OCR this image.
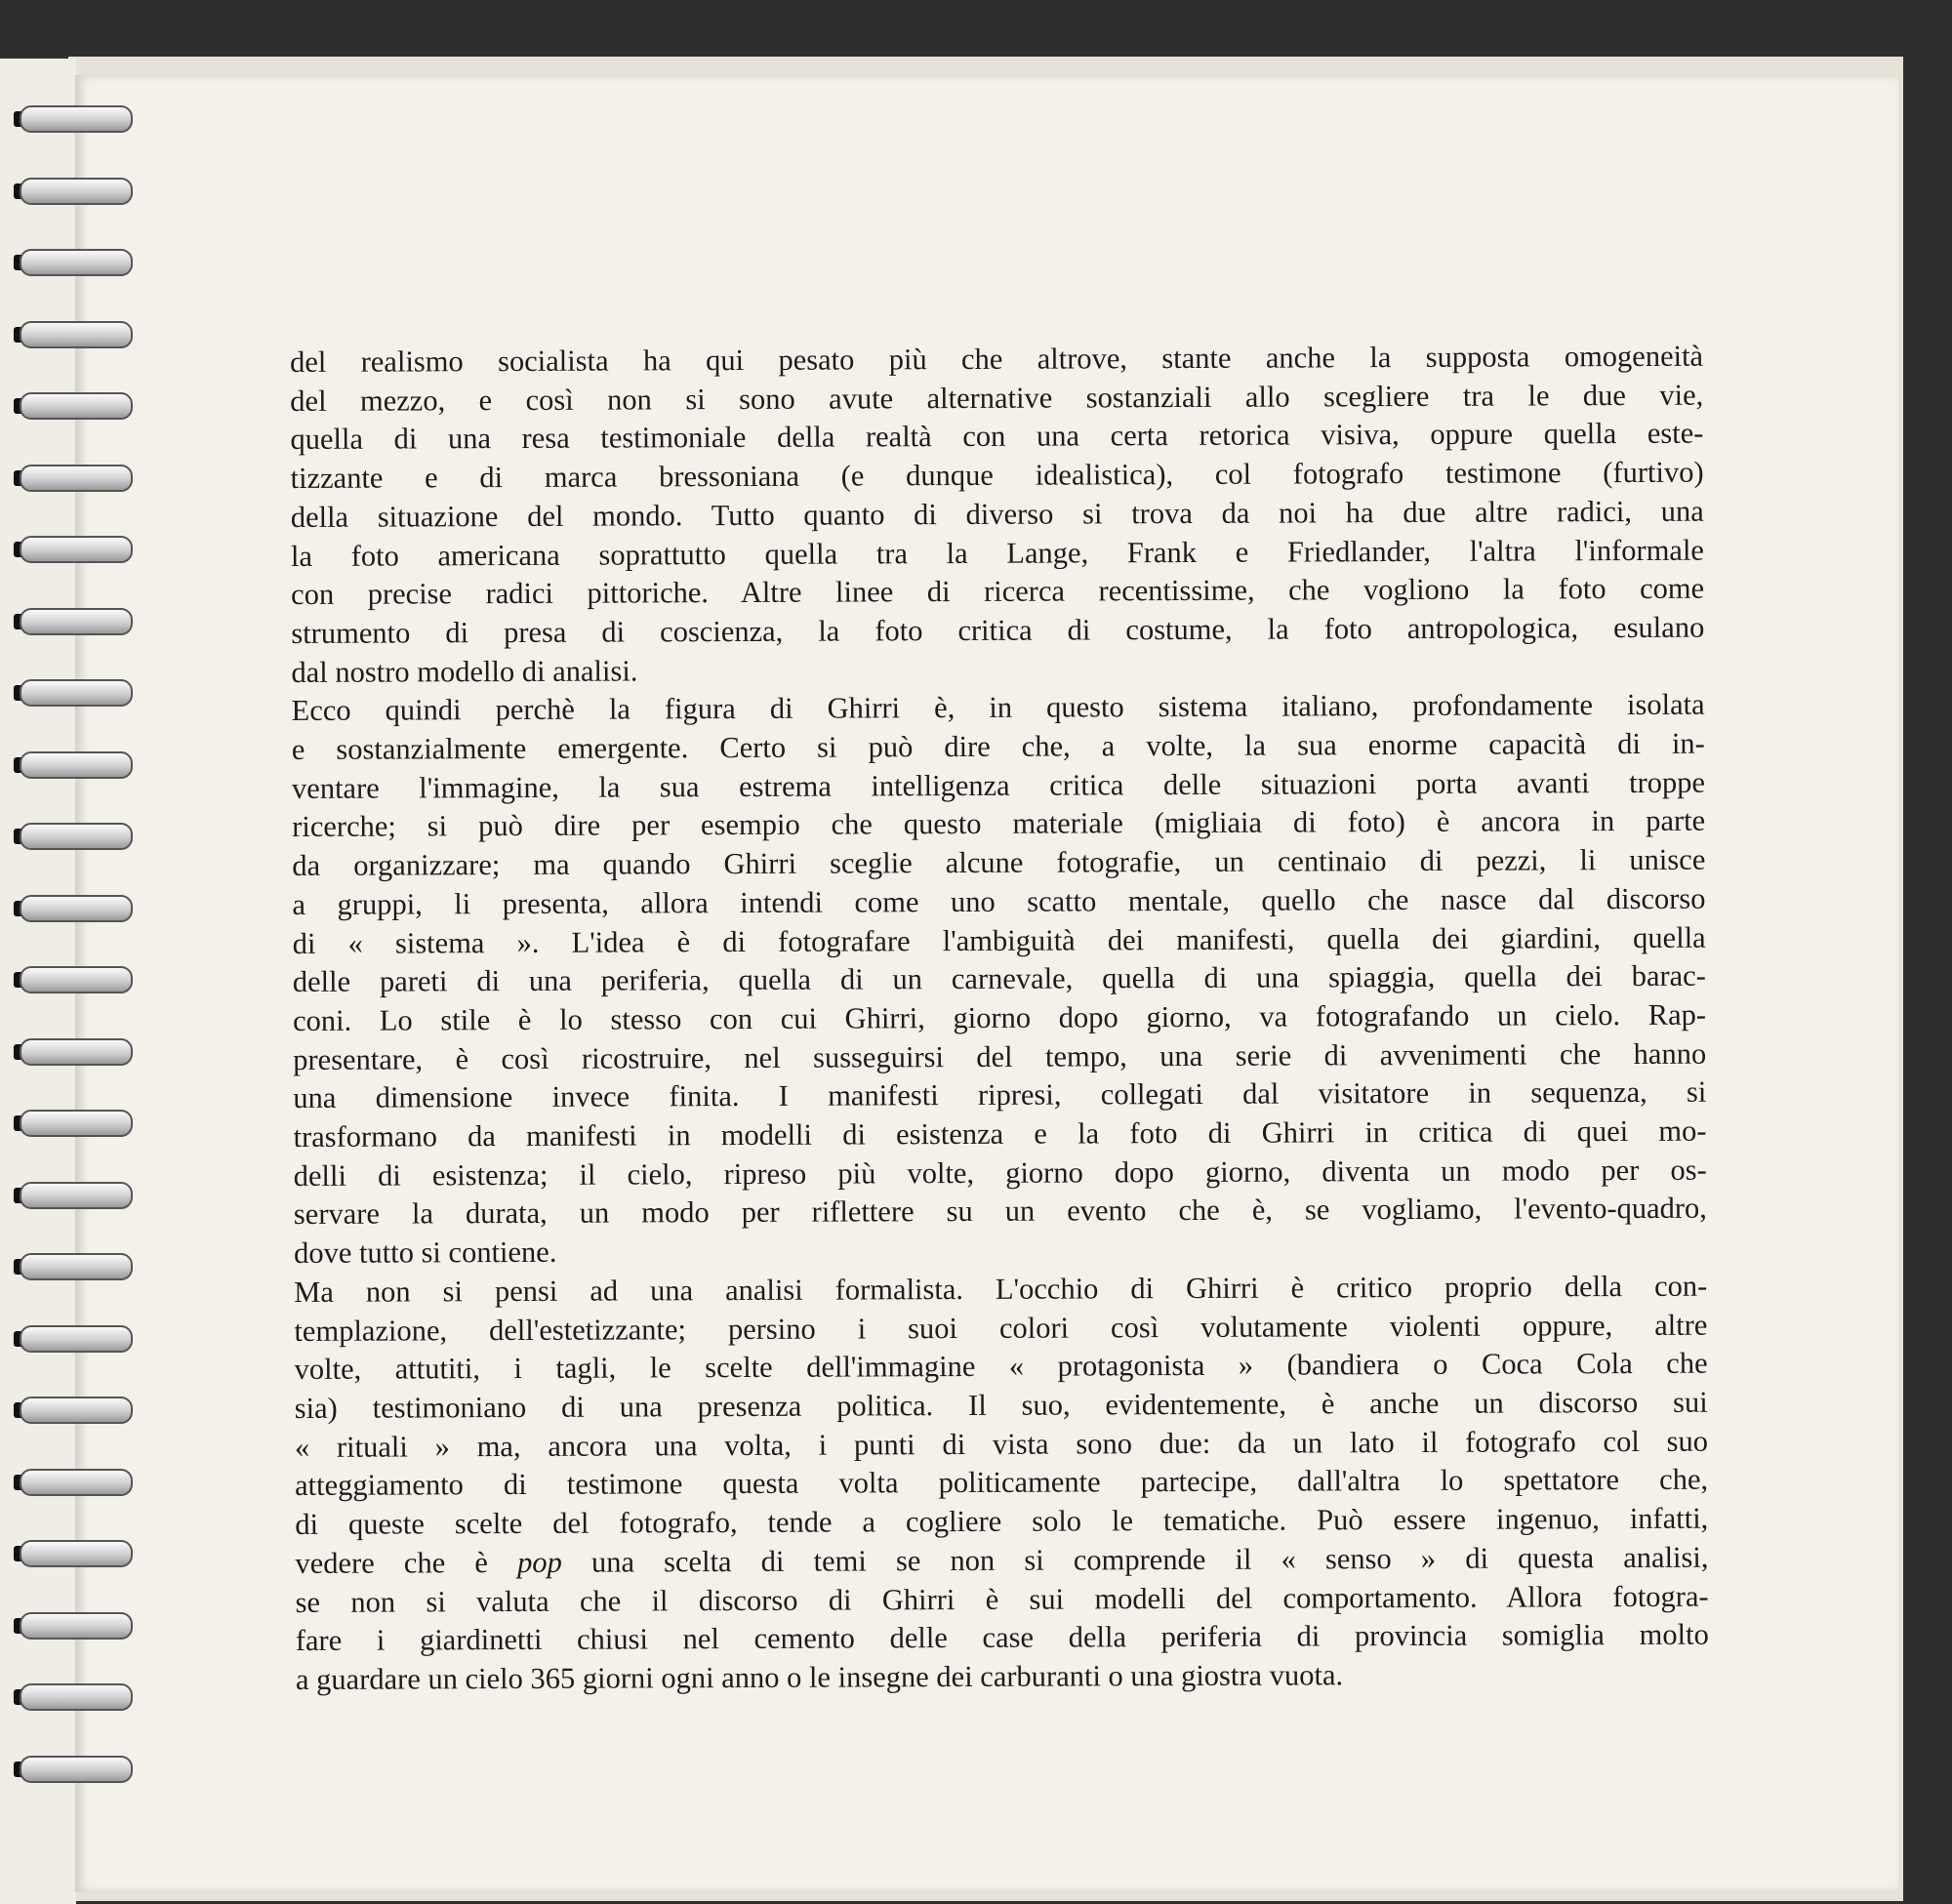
del realismo socialista ha qui pesato più che altrove, stante anche la supposta omogeneità
del mezzo, e così non si sono avute alternative sostanziali allo scegliere tra le due vie,
quella di una resa testimoniale della realtà con una certa retorica visiva, oppure quella este-
tizzante e di marca bressoniana (e dunque idealistica), col fotografo testimone (furtivo)
della situazione del mondo. Tutto quanto di diverso si trova da noi ha due altre radici, una
la foto americana soprattutto quella tra la Lange, Frank e Friedlander, l'altra l'informale
con precise radici pittoriche. Altre linee di ricerca recentissime, che vogliono la foto come
strumento di presa di coscienza, la foto critica di costume, la foto antropologica, esulano
dal nostro modello di analisi.
Ecco quindi perchè la figura di Ghirri è, in questo sistema italiano, profondamente isolata
e sostanzialmente emergente. Certo si può dire che, a volte, la sua enorme capacità di in-
ventare l'immagine, la sua estrema intelligenza critica delle situazioni porta avanti troppe
ricerche; si può dire per esempio che questo materiale (migliaia di foto) è ancora in parte
da organizzare; ma quando Ghirri sceglie alcune fotografie, un centinaio di pezzi, li unisce
a gruppi, li presenta, allora intendi come uno scatto mentale, quello che nasce dal discorso
di « sistema ». L'idea è di fotografare l'ambiguità dei manifesti, quella dei giardini, quella
delle pareti di una periferia, quella di un carnevale, quella di una spiaggia, quella dei barac-
coni. Lo stile è lo stesso con cui Ghirri, giorno dopo giorno, va fotografando un cielo. Rap-
presentare, è così ricostruire, nel susseguirsi del tempo, una serie di avvenimenti che hanno
una dimensione invece finita. I manifesti ripresi, collegati dal visitatore in sequenza, si
trasformano da manifesti in modelli di esistenza e la foto di Ghirri in critica di quei mo-
delli di esistenza; il cielo, ripreso più volte, giorno dopo giorno, diventa un modo per os-
servare la durata, un modo per riflettere su un evento che è, se vogliamo, l'evento-quadro,
dove tutto si contiene.
Ma non si pensi ad una analisi formalista. L'occhio di Ghirri è critico proprio della con-
templazione, dell'estetizzante; persino i suoi colori così volutamente violenti oppure, altre
volte, attutiti, i tagli, le scelte dell'immagine « protagonista » (bandiera o Coca Cola che
sia) testimoniano di una presenza politica. Il suo, evidentemente, è anche un discorso sui
« rituali » ma, ancora una volta, i punti di vista sono due: da un lato il fotografo col suo
atteggiamento di testimone questa volta politicamente partecipe, dall'altra lo spettatore che,
di queste scelte del fotografo, tende a cogliere solo le tematiche. Può essere ingenuo, infatti,
vedere che è pop una scelta di temi se non si comprende il « senso » di questa analisi,
se non si valuta che il discorso di Ghirri è sui modelli del comportamento. Allora fotogra-
fare i giardinetti chiusi nel cemento delle case della periferia di provincia somiglia molto
a guardare un cielo 365 giorni ogni anno o le insegne dei carburanti o una giostra vuota.
